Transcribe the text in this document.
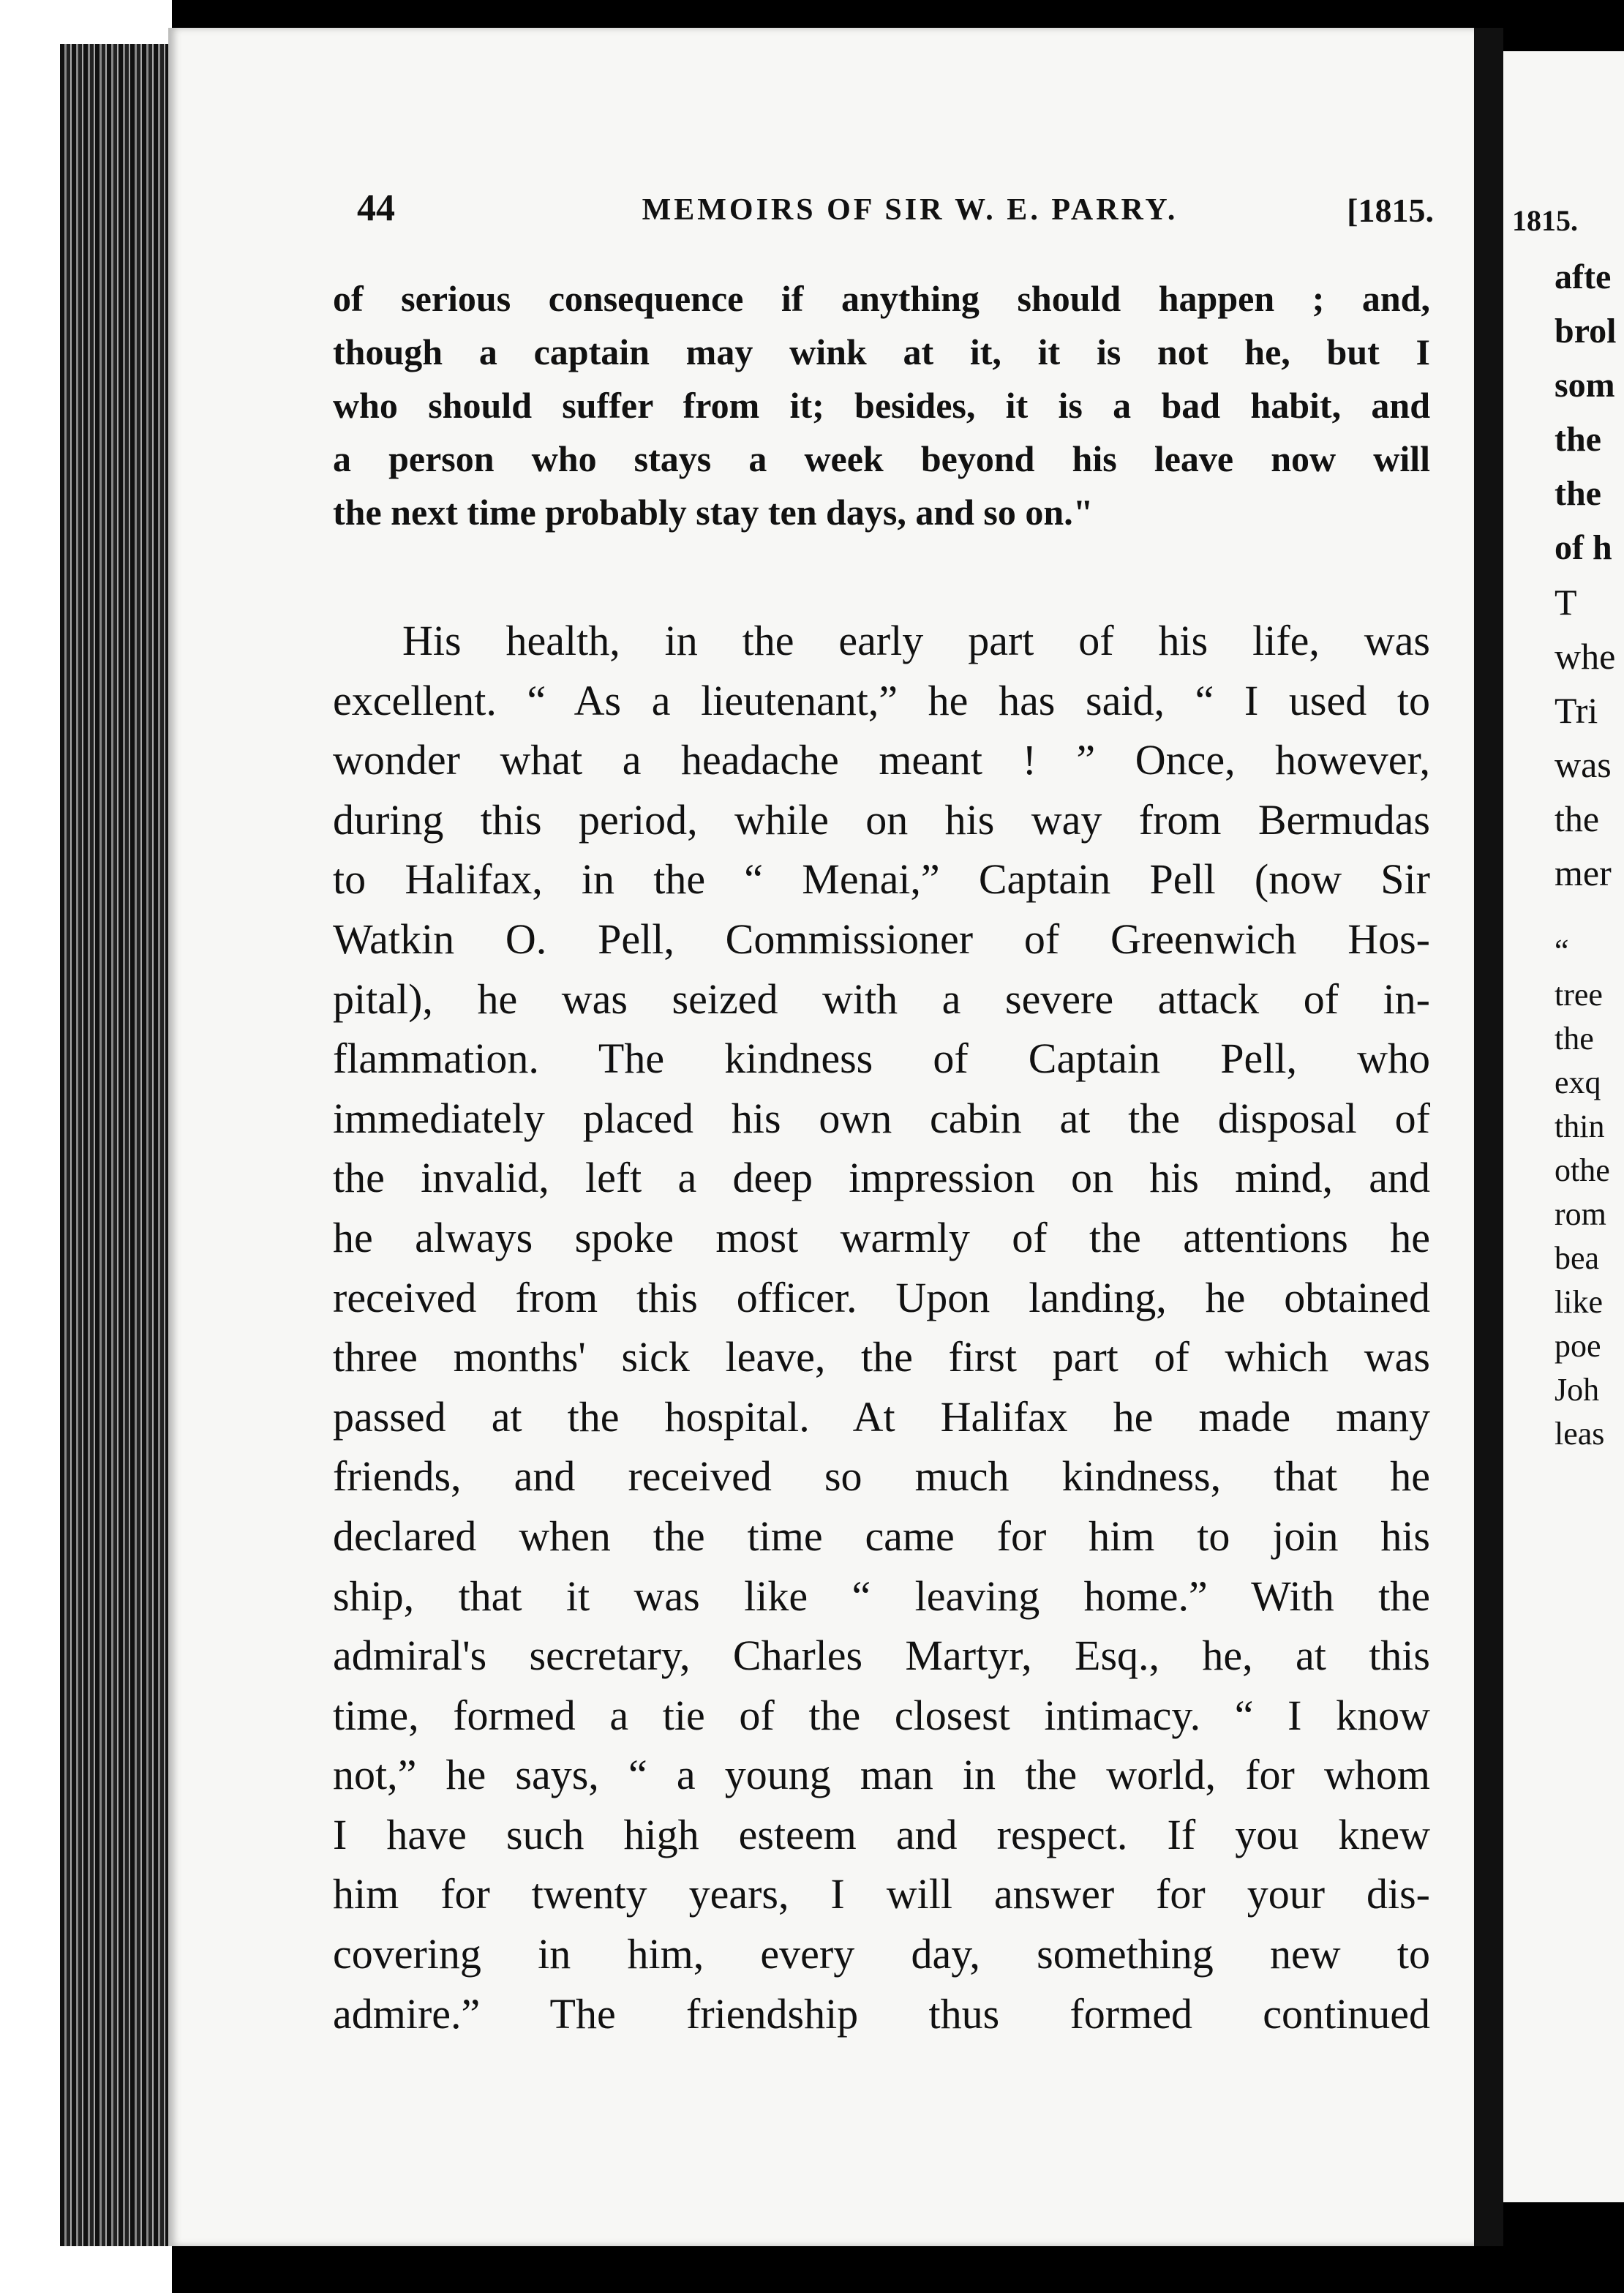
44	MEMOIRS OF SIR W. E. PARRY.	[1815.
of serious consequence if anything should happen ; and,
though a captain may wink at it, it is not he, but I
who should suffer from it; besides, it is a bad habit, and
a person who stays a week beyond his leave now will
the next time probably stay ten days, and so on."
His health, in the early part of his life, was
excellent. “ As a lieutenant,” he has said, “ I used to
wonder what a headache meant ! ” Once, however,
during this period, while on his way from Bermudas
to Halifax, in the “ Menai,” Captain Pell (now Sir
Watkin O. Pell, Commissioner of Greenwich Hos-
pital), he was seized with a severe attack of in-
flammation. The kindness of Captain Pell, who
immediately placed his own cabin at the disposal of
the invalid, left a deep impression on his mind, and
he always spoke most warmly of the attentions he
received from this officer. Upon landing, he obtained
three months' sick leave, the first part of which was
passed at the hospital. At Halifax he made many
friends, and received so much kindness, that he
declared when the time came for him to join his
ship, that it was like “ leaving home.” With the
admiral's secretary, Charles Martyr, Esq., he, at this
time, formed a tie of the closest intimacy. “ I know
not,” he says, “ a young man in the world, for whom
I have such high esteem and respect. If you knew
him for twenty years, I will answer for your dis-
covering in him, every day, something new to
admire.” The friendship thus formed continued
1815.
afte
brol
som
the
the
of h
T
whe
Tri
was
the
mer
“
tree
the
exq
thin
othe
rom
bea
like
poe
Joh
leas
